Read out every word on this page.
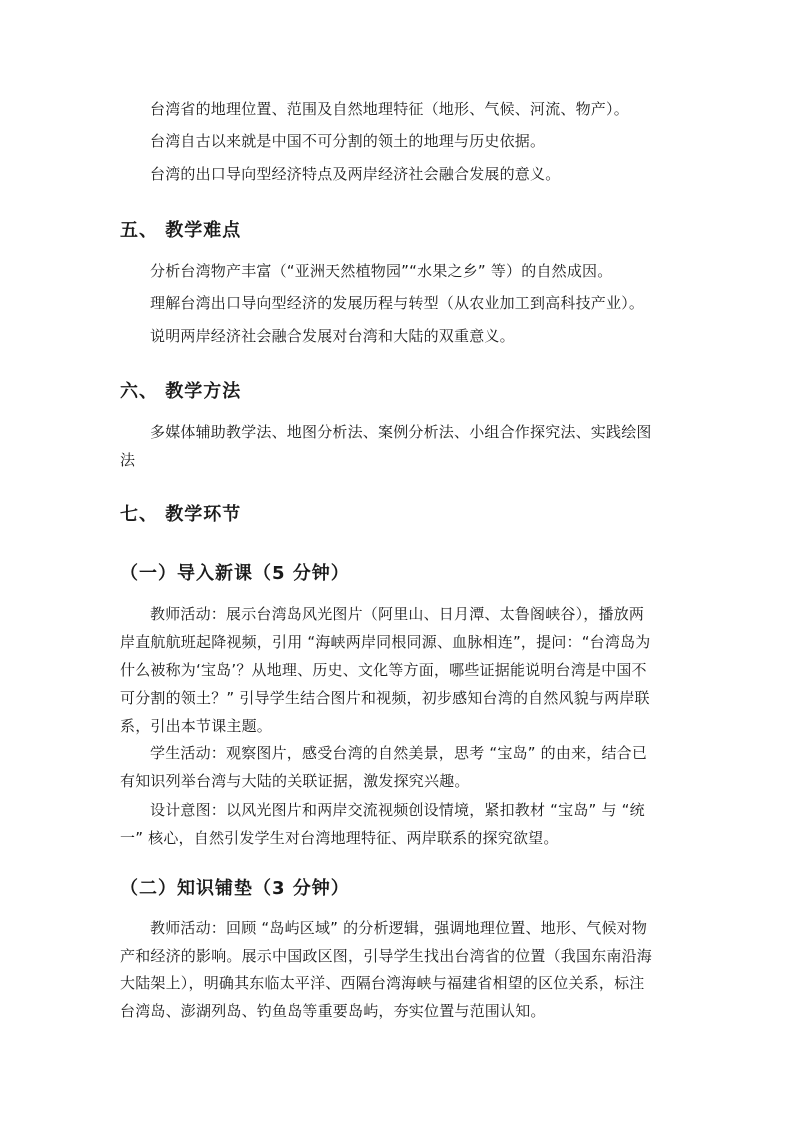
台湾省的地理位置、范围及自然地理特征（地形、气候、河流、物产）。
台湾自古以来就是中国不可分割的领土的地理与历史依据。
台湾的出口导向型经济特点及两岸经济社会融合发展的意义。
五、 教学难点
分析台湾物产丰富（“亚洲天然植物园”“水果之乡” 等）的自然成因。
理解台湾出口导向型经济的发展历程与转型（从农业加工到高科技产业）。
说明两岸经济社会融合发展对台湾和大陆的双重意义。
六、 教学方法
多媒体辅助教学法、地图分析法、案例分析法、小组合作探究法、实践绘图
法
七、 教学环节
（一）导入新课（5 分钟）
教师活动：展示台湾岛风光图片（阿里山、日月潭、太鲁阁峡谷），播放两
岸直航航班起降视频，引用 “海峡两岸同根同源、血脉相连”，提问：“台湾岛为
什么被称为‘宝岛’？从地理、历史、文化等方面，哪些证据能说明台湾是中国不
可分割的领土？” 引导学生结合图片和视频，初步感知台湾的自然风貌与两岸联
系，引出本节课主题。
学生活动：观察图片，感受台湾的自然美景，思考 “宝岛” 的由来，结合已
有知识列举台湾与大陆的关联证据，激发探究兴趣。
设计意图：以风光图片和两岸交流视频创设情境，紧扣教材 “宝岛” 与 “统
一” 核心，自然引发学生对台湾地理特征、两岸联系的探究欲望。
（二）知识铺垫（3 分钟）
教师活动：回顾 “岛屿区域” 的分析逻辑，强调地理位置、地形、气候对物
产和经济的影响。展示中国政区图，引导学生找出台湾省的位置（我国东南沿海
大陆架上），明确其东临太平洋、西隔台湾海峡与福建省相望的区位关系，标注
台湾岛、澎湖列岛、钓鱼岛等重要岛屿，夯实位置与范围认知。
